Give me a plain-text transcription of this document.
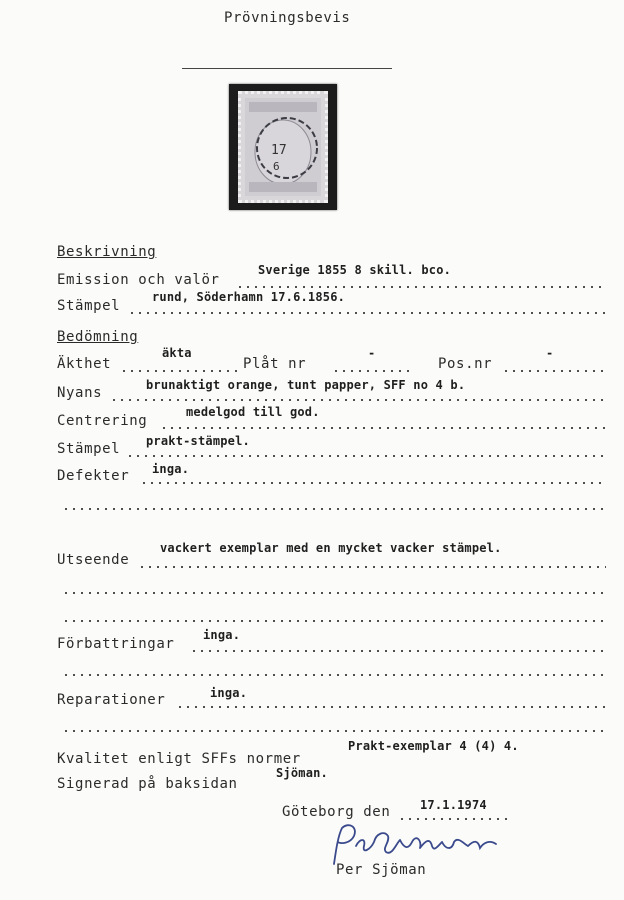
Prövningsbevis
17
6
Beskrivning
Emission och valör
Sverige 1855 8 skill. bco.
Stämpel
rund, Söderhamn 17.6.1856.
Bedömning
Äkthet
äkta
Plåt nr
-
Pos.nr
-
Nyans	brunaktigt orange, tunt papper, SFF no 4 b.
Centrering
medelgod till god.
Stämpel prakt-stämpel.
Defekter inga.
Utseende
vackert exemplar med en mycket vacker stämpel.
Förbattringar
inga.
Reparationer	inga.
Kvalitet enligt SFFs normer
Prakt-exemplar 4 (4) 4.
Signerad på baksidan
Sjöman.
Göteborg den 17.1.1974
Per Sjöman
